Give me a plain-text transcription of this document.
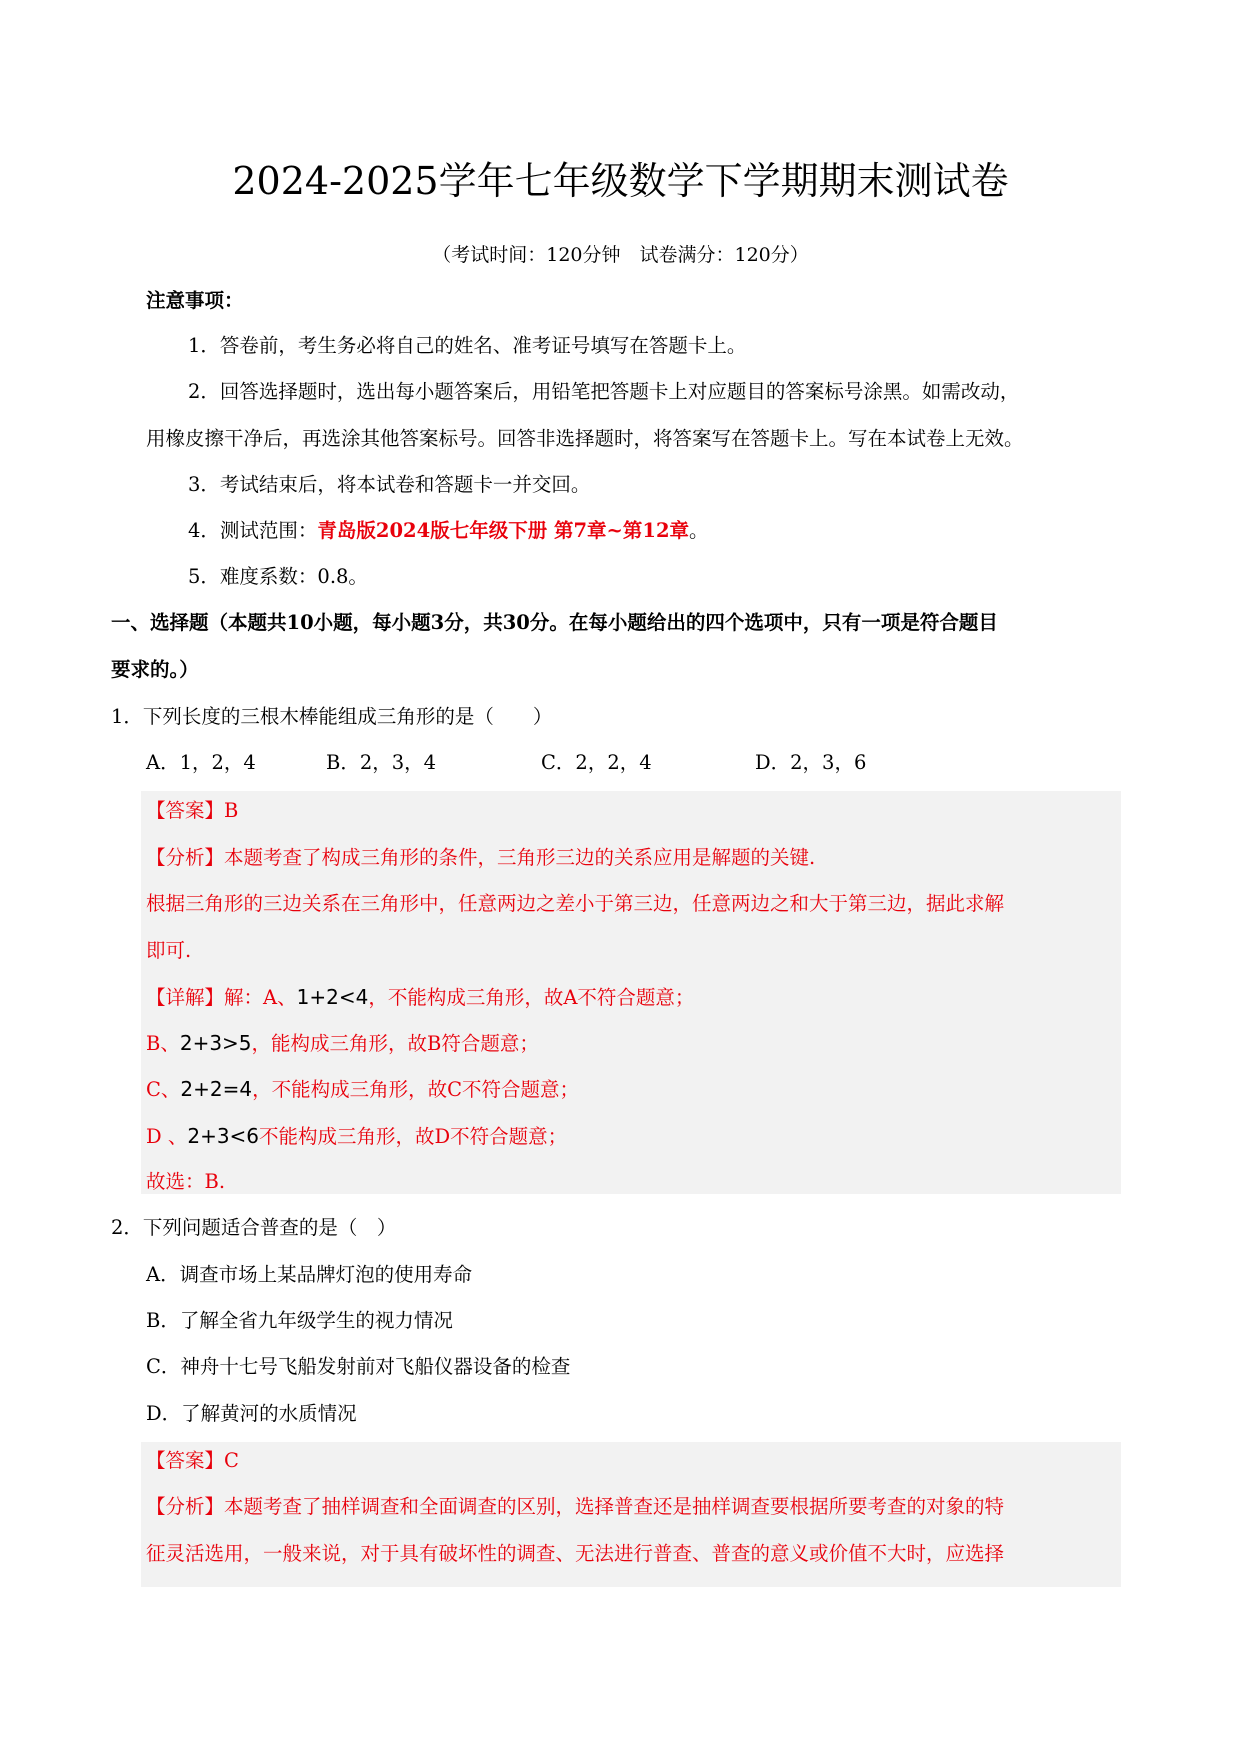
2024-2025学年七年级数学下学期期末测试卷
（考试时间：120分钟　试卷满分：120分）
注意事项：
1．答卷前，考生务必将自己的姓名、准考证号填写在答题卡上。
2．回答选择题时，选出每小题答案后，用铅笔把答题卡上对应题目的答案标号涂黑。如需改动，
用橡皮擦干净后，再选涂其他答案标号。回答非选择题时，将答案写在答题卡上。写在本试卷上无效。
3．考试结束后，将本试卷和答题卡一并交回。
4．测试范围：青岛版2024版七年级下册 第7章~第12章。
5．难度系数：0.8。
一、选择题（本题共10小题，每小题3分，共30分。在每小题给出的四个选项中，只有一项是符合题目
要求的。）
1．下列长度的三根木棒能组成三角形的是（　　）
A．1，2，4	B．2，3，4	C．2，2，4	D．2，3，6
【答案】B
【分析】本题考查了构成三角形的条件，三角形三边的关系应用是解题的关键.
根据三角形的三边关系在三角形中，任意两边之差小于第三边，任意两边之和大于第三边，据此求解
即可.
【详解】解：A、1+2<4，不能构成三角形，故A不符合题意；
B、2+3>5，能构成三角形，故B符合题意；
C、2+2=4，不能构成三角形，故C不符合题意；
D 、2+3<6不能构成三角形，故D不符合题意；
故选：B.
2．下列问题适合普查的是（　）
A．调查市场上某品牌灯泡的使用寿命
B．了解全省九年级学生的视力情况
C．神舟十七号飞船发射前对飞船仪器设备的检查
D．了解黄河的水质情况
【答案】C
【分析】本题考查了抽样调查和全面调查的区别，选择普查还是抽样调查要根据所要考查的对象的特
征灵活选用，一般来说，对于具有破坏性的调查、无法进行普查、普查的意义或价值不大时，应选择
